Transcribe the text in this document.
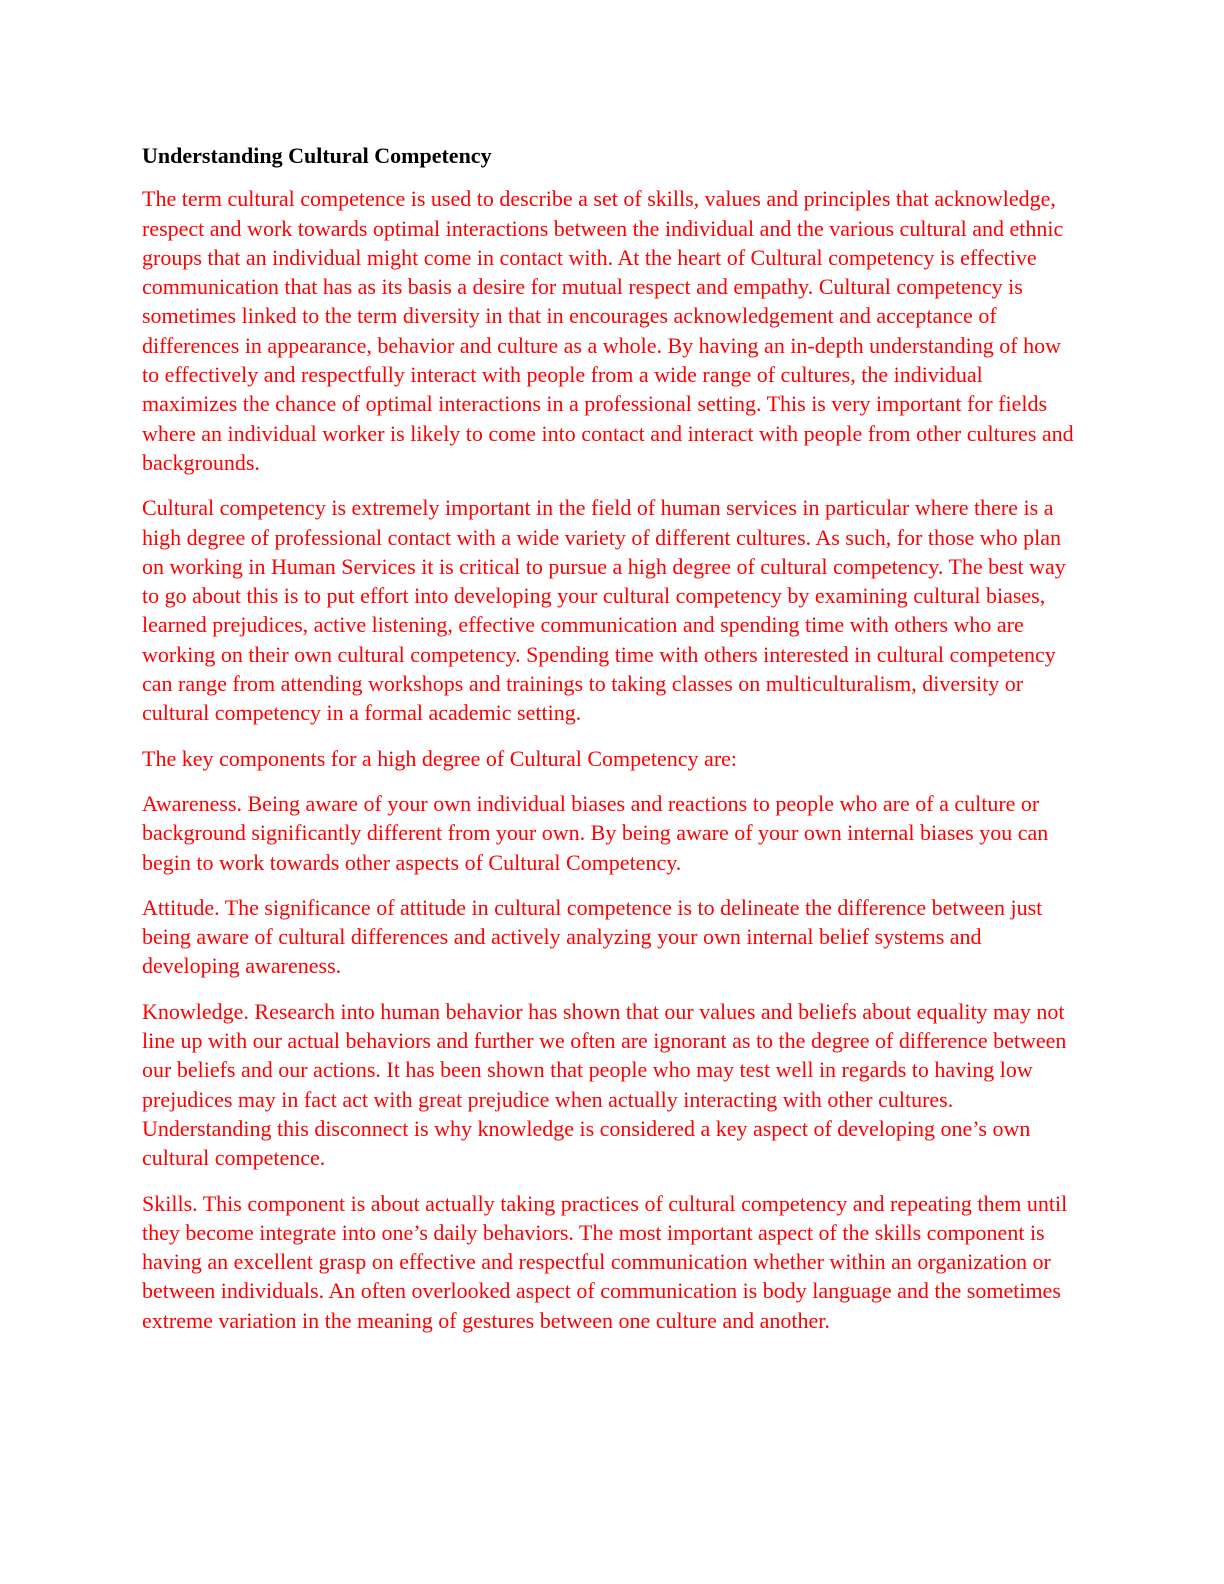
Understanding Cultural Competency

The term cultural competence is used to describe a set of skills, values and principles that acknowledge, respect and work towards optimal interactions between the individual and the various cultural and ethnic groups that an individual might come in contact with. At the heart of Cultural competency is effective communication that has as its basis a desire for mutual respect and empathy. Cultural competency is sometimes linked to the term diversity in that in encourages acknowledgement and acceptance of differences in appearance, behavior and culture as a whole. By having an in-depth understanding of how to effectively and respectfully interact with people from a wide range of cultures, the individual maximizes the chance of optimal interactions in a professional setting. This is very important for fields where an individual worker is likely to come into contact and interact with people from other cultures and backgrounds.

Cultural competency is extremely important in the field of human services in particular where there is a high degree of professional contact with a wide variety of different cultures. As such, for those who plan on working in Human Services it is critical to pursue a high degree of cultural competency. The best way to go about this is to put effort into developing your cultural competency by examining cultural biases, learned prejudices, active listening, effective communication and spending time with others who are working on their own cultural competency. Spending time with others interested in cultural competency can range from attending workshops and trainings to taking classes on multiculturalism, diversity or cultural competency in a formal academic setting.

The key components for a high degree of Cultural Competency are:

Awareness. Being aware of your own individual biases and reactions to people who are of a culture or background significantly different from your own. By being aware of your own internal biases you can begin to work towards other aspects of Cultural Competency.

Attitude. The significance of attitude in cultural competence is to delineate the difference between just being aware of cultural differences and actively analyzing your own internal belief systems and developing awareness.

Knowledge. Research into human behavior has shown that our values and beliefs about equality may not line up with our actual behaviors and further we often are ignorant as to the degree of difference between our beliefs and our actions. It has been shown that people who may test well in regards to having low prejudices may in fact act with great prejudice when actually interacting with other cultures. Understanding this disconnect is why knowledge is considered a key aspect of developing one’s own cultural competence.

Skills. This component is about actually taking practices of cultural competency and repeating them until they become integrate into one’s daily behaviors. The most important aspect of the skills component is having an excellent grasp on effective and respectful communication whether within an organization or between individuals. An often overlooked aspect of communication is body language and the sometimes extreme variation in the meaning of gestures between one culture and another.
